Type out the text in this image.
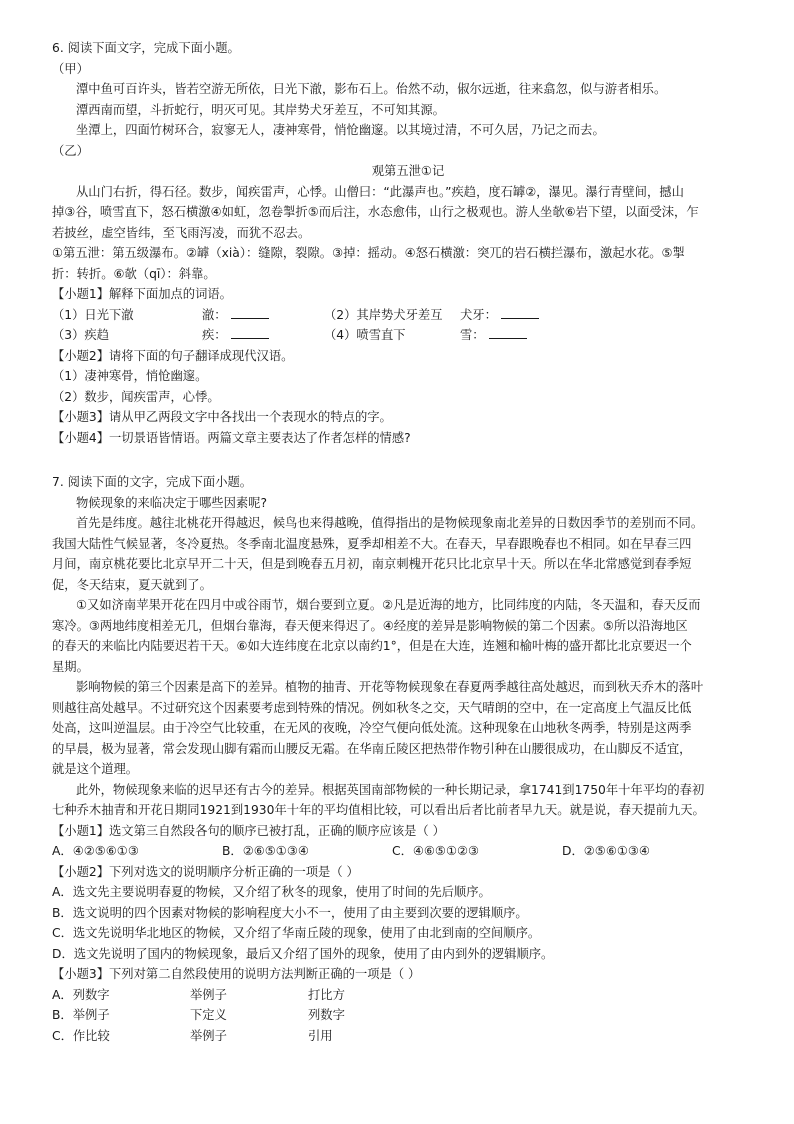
6. 阅读下面文字，完成下面小题。
（甲）
潭中鱼可百许头，皆若空游无所依，日光下澈，影布石上。佁然不动，俶尔远逝，往来翕忽，似与游者相乐。
潭西南而望，斗折蛇行，明灭可见。其岸势犬牙差互，不可知其源。
坐潭上，四面竹树环合，寂寥无人，凄神寒骨，悄怆幽邃。以其境过清，不可久居，乃记之而去。
（乙）
观第五泄①记
从山门右折，得石径。数步，闻疾雷声，心悸。山僧曰：“此瀑声也。”疾趋，度石罅②，瀑见。瀑行青壁间，撼山
掉③谷，喷雪直下，怒石横激④如虹，忽卷掣折⑤而后注，水态愈伟，山行之极观也。游人坐欹⑥岩下望，以面受沫，乍
若披丝，虚空皆纬，至飞雨泻凌，而犹不忍去。
①第五泄：第五级瀑布。②罅（xià）：缝隙，裂隙。③掉：摇动。④怒石横激：突兀的岩石横拦瀑布，激起水花。⑤掣
折：转折。⑥欹（qī）：斜靠。
【小题1】解释下面加点的词语。
（1）日光下澈	澈：	（2）其岸势犬牙差互	犬牙：
（3）疾趋	疾：	（4）喷雪直下	雪：
【小题2】请将下面的句子翻译成现代汉语。
（1）凄神寒骨，悄怆幽邃。
（2）数步，闻疾雷声，心悸。
【小题3】请从甲乙两段文字中各找出一个表现水的特点的字。
【小题4】一切景语皆情语。两篇文章主要表达了作者怎样的情感?
7. 阅读下面的文字，完成下面小题。
物候现象的来临决定于哪些因素呢?
首先是纬度。越往北桃花开得越迟，候鸟也来得越晚，值得指出的是物候现象南北差异的日数因季节的差别而不同。
我国大陆性气候显著，冬冷夏热。冬季南北温度悬殊，夏季却相差不大。在春天，早春跟晚春也不相同。如在早春三四
月间，南京桃花要比北京早开二十天，但是到晚春五月初，南京刺槐开花只比北京早十天。所以在华北常感觉到春季短
促，冬天结束，夏天就到了。
①又如济南苹果开花在四月中或谷雨节，烟台要到立夏。②凡是近海的地方，比同纬度的内陆，冬天温和，春天反而
寒冷。③两地纬度相差无几，但烟台靠海，春天便来得迟了。④经度的差异是影响物候的第二个因素。⑤所以沿海地区
的春天的来临比内陆要迟若干天。⑥如大连纬度在北京以南约1°，但是在大连，连翘和榆叶梅的盛开都比北京要迟一个
星期。
影响物候的第三个因素是高下的差异。植物的抽青、开花等物候现象在春夏两季越往高处越迟，而到秋天乔木的落叶
则越往高处越早。不过研究这个因素要考虑到特殊的情况。例如秋冬之交，天气晴朗的空中，在一定高度上气温反比低
处高，这叫逆温层。由于冷空气比较重，在无风的夜晚，冷空气便向低处流。这种现象在山地秋冬两季，特别是这两季
的早晨，极为显著，常会发现山脚有霜而山腰反无霜。在华南丘陵区把热带作物引种在山腰很成功，在山脚反不适宜，
就是这个道理。
此外，物候现象来临的迟早还有古今的差异。根据英国南部物候的一种长期记录，拿1741到1750年十年平均的春初
七种乔木抽青和开花日期同1921到1930年十年的平均值相比较，可以看出后者比前者早九天。就是说，春天提前九天。
【小题1】选文第三自然段各句的顺序已被打乱，正确的顺序应该是（ ）
A．④②⑤⑥①③	B．②⑥⑤①③④	C．④⑥⑤①②③	D．②⑤⑥①③④
【小题2】下列对选文的说明顺序分析正确的一项是（ ）
A．选文先主要说明春夏的物候，又介绍了秋冬的现象，使用了时间的先后顺序。
B．选文说明的四个因素对物候的影响程度大小不一，使用了由主要到次要的逻辑顺序。
C．选文先说明华北地区的物候，又介绍了华南丘陵的现象，使用了由北到南的空间顺序。
D．选文先说明了国内的物候现象，最后又介绍了国外的现象，使用了由内到外的逻辑顺序。
【小题3】下列对第二自然段使用的说明方法判断正确的一项是（ ）
A．列数字	举例子	打比方
B．举例子	下定义	列数字
C．作比较	举例子	引用
